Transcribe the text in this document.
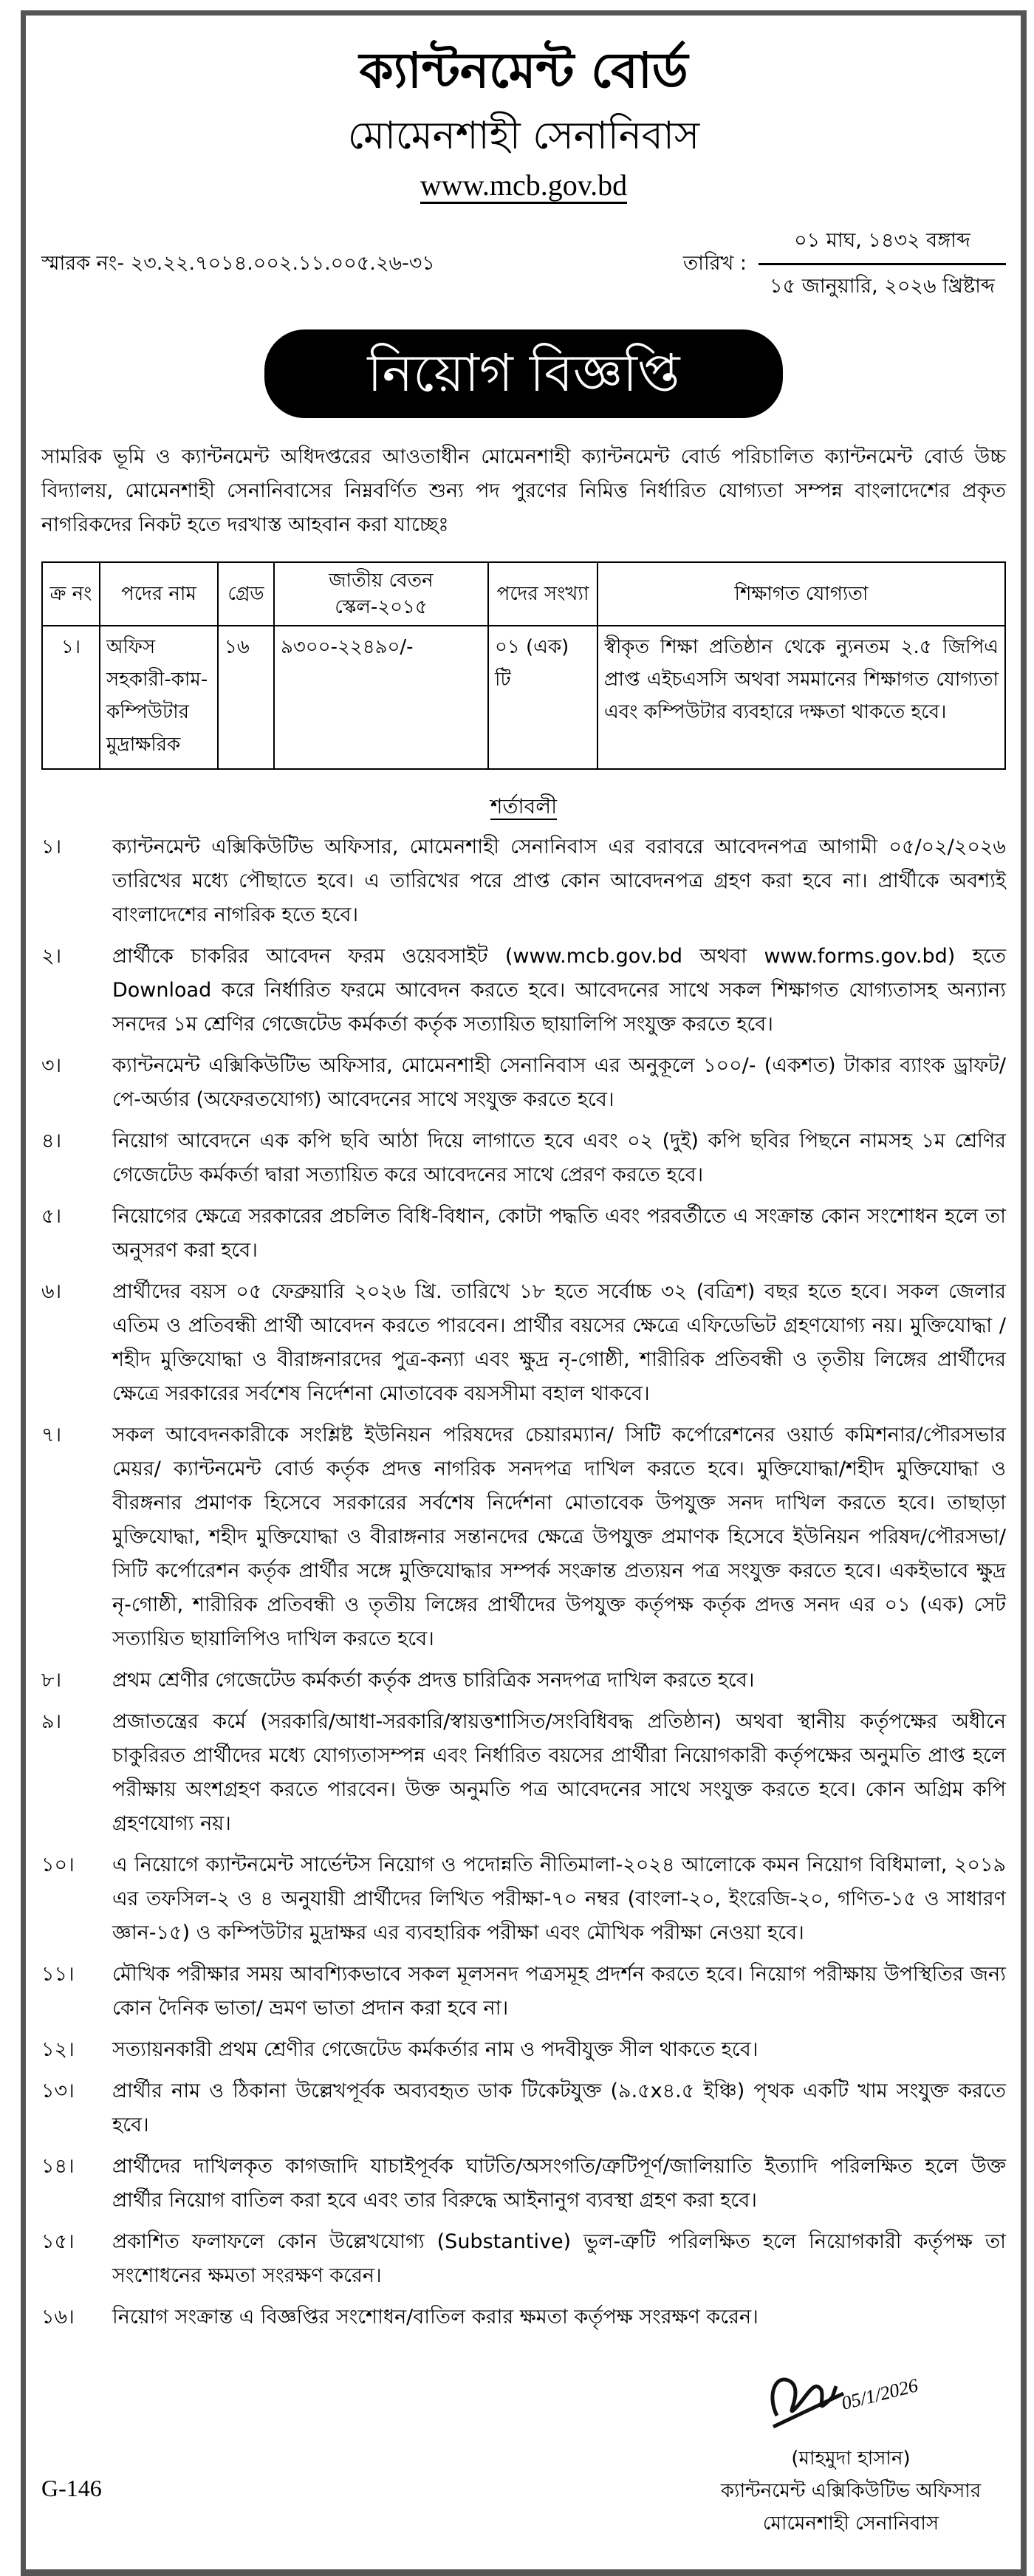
ক্যান্টনমেন্ট বোর্ড
মোমেনশাহী সেনানিবাস
www.mcb.gov.bd
স্মারক নং- ২৩.২২.৭০১৪.০০২.১১.০০৫.২৬-৩১	তারিখ :
০১ মাঘ, ১৪৩২ বঙ্গাব্দ
১৫ জানুয়ারি, ২০২৬ খ্রিষ্টাব্দ
নিয়োগ বিজ্ঞপ্তি
সামরিক ভূমি ও ক্যান্টনমেন্ট অধিদপ্তরের আওতাধীন মোমেনশাহী ক্যান্টনমেন্ট বোর্ড পরিচালিত ক্যান্টনমেন্ট বোর্ড উচ্চ বিদ্যালয়, মোমেনশাহী সেনানিবাসের নিম্নবর্ণিত শুন্য পদ পুরণের নিমিত্ত নির্ধারিত যোগ্যতা সম্পন্ন বাংলাদেশের প্রকৃত নাগরিকদের নিকট হতে দরখাস্ত আহবান করা যাচ্ছেঃ
ক্র নং	পদের নাম	গ্রেড	জাতীয় বেতন স্কেল-২০১৫	পদের সংখ্যা	শিক্ষাগত যোগ্যতা
১।	অফিস সহকারী-কাম-কম্পিউটার মুদ্রাক্ষরিক	১৬	৯৩০০-২২৪৯০/-	০১ (এক) টি	স্বীকৃত শিক্ষা প্রতিষ্ঠান থেকে ন্যুনতম ২.৫ জিপিএ প্রাপ্ত এইচএসসি অথবা সমমানের শিক্ষাগত যোগ্যতা এবং কম্পিউটার ব্যবহারে দক্ষতা থাকতে হবে।
শর্তাবলী
১।	ক্যান্টনমেন্ট এক্সিকিউটিভ অফিসার, মোমেনশাহী সেনানিবাস এর বরাবরে আবেদনপত্র আগামী ০৫/০২/২০২৬ তারিখের মধ্যে পৌছাতে হবে। এ তারিখের পরে প্রাপ্ত কোন আবেদনপত্র গ্রহণ করা হবে না। প্রার্থীকে অবশ্যই বাংলাদেশের নাগরিক হতে হবে।
২।	প্রার্থীকে চাকরির আবেদন ফরম ওয়েবসাইট (www.mcb.gov.bd অথবা www.forms.gov.bd) হতে Download করে নির্ধারিত ফরমে আবেদন করতে হবে। আবেদনের সাথে সকল শিক্ষাগত যোগ্যতাসহ অন্যান্য সনদের ১ম শ্রেণির গেজেটেড কর্মকর্তা কর্তৃক সত্যায়িত ছায়ালিপি সংযুক্ত করতে হবে।
৩।	ক্যান্টনমেন্ট এক্সিকিউটিভ অফিসার, মোমেনশাহী সেনানিবাস এর অনুকূলে ১০০/- (একশত) টাকার ব্যাংক ড্রাফট/পে-অর্ডার (অফেরতযোগ্য) আবেদনের সাথে সংযুক্ত করতে হবে।
৪।	নিয়োগ আবেদনে এক কপি ছবি আঠা দিয়ে লাগাতে হবে এবং ০২ (দুই) কপি ছবির পিছনে নামসহ ১ম শ্রেণির গেজেটেড কর্মকর্তা দ্বারা সত্যায়িত করে আবেদনের সাথে প্রেরণ করতে হবে।
৫।	নিয়োগের ক্ষেত্রে সরকারের প্রচলিত বিধি-বিধান, কোটা পদ্ধতি এবং পরবর্তীতে এ সংক্রান্ত কোন সংশোধন হলে তা অনুসরণ করা হবে।
৬।	প্রার্থীদের বয়স ০৫ ফেব্রুয়ারি ২০২৬ খ্রি. তারিখে ১৮ হতে সর্বোচ্চ ৩২ (বত্রিশ) বছর হতে হবে। সকল জেলার এতিম ও প্রতিবন্ধী প্রার্থী আবেদন করতে পারবেন। প্রার্থীর বয়সের ক্ষেত্রে এফিডেভিট গ্রহণযোগ্য নয়। মুক্তিযোদ্ধা / শহীদ মুক্তিযোদ্ধা ও বীরাঙ্গনারদের পুত্র-কন্যা এবং ক্ষুদ্র নৃ-গোষ্ঠী, শারীরিক প্রতিবন্ধী ও তৃতীয় লিঙ্গের প্রার্থীদের ক্ষেত্রে সরকারের সর্বশেষ নির্দেশনা মোতাবেক বয়সসীমা বহাল থাকবে।
৭।	সকল আবেদনকারীকে সংশ্লিষ্ট ইউনিয়ন পরিষদের চেয়ারম্যান/ সিটি কর্পোরেশনের ওয়ার্ড কমিশনার/পৌরসভার মেয়র/ ক্যান্টনমেন্ট বোর্ড কর্তৃক প্রদত্ত নাগরিক সনদপত্র দাখিল করতে হবে। মুক্তিযোদ্ধা/শহীদ মুক্তিযোদ্ধা ও বীরঙ্গনার প্রমাণক হিসেবে সরকারের সর্বশেষ নির্দেশনা মোতাবেক উপযুক্ত সনদ দাখিল করতে হবে। তাছাড়া মুক্তিযোদ্ধা, শহীদ মুক্তিযোদ্ধা ও বীরাঙ্গনার সন্তানদের ক্ষেত্রে উপযুক্ত প্রমাণক হিসেবে ইউনিয়ন পরিষদ/পৌরসভা/সিটি কর্পোরেশন কর্তৃক প্রার্থীর সঙ্গে মুক্তিযোদ্ধার সম্পর্ক সংক্রান্ত প্রত্যয়ন পত্র সংযুক্ত করতে হবে। একইভাবে ক্ষুদ্র নৃ-গোষ্ঠী, শারীরিক প্রতিবন্ধী ও তৃতীয় লিঙ্গের প্রার্থীদের উপযুক্ত কর্তৃপক্ষ কর্তৃক প্রদত্ত সনদ এর ০১ (এক) সেট সত্যায়িত ছায়ালিপিও দাখিল করতে হবে।
৮।	প্রথম শ্রেণীর গেজেটেড কর্মকর্তা কর্তৃক প্রদত্ত চারিত্রিক সনদপত্র দাখিল করতে হবে।
৯।	প্রজাতন্ত্রের কর্মে (সরকারি/আধা-সরকারি/স্বায়ত্তশাসিত/সংবিধিবদ্ধ প্রতিষ্ঠান) অথবা স্থানীয় কর্তৃপক্ষের অধীনে চাকুরিরত প্রার্থীদের মধ্যে যোগ্যতাসম্পন্ন এবং নির্ধারিত বয়সের প্রার্থীরা নিয়োগকারী কর্তৃপক্ষের অনুমতি প্রাপ্ত হলে পরীক্ষায় অংশগ্রহণ করতে পারবেন। উক্ত অনুমতি পত্র আবেদনের সাথে সংযুক্ত করতে হবে। কোন অগ্রিম কপি গ্রহণযোগ্য নয়।
১০।	এ নিয়োগে ক্যান্টনমেন্ট সার্ভেন্টস নিয়োগ ও পদোন্নতি নীতিমালা-২০২৪ আলোকে কমন নিয়োগ বিধিমালা, ২০১৯ এর তফসিল-২ ও ৪ অনুযায়ী প্রার্থীদের লিখিত পরীক্ষা-৭০ নম্বর (বাংলা-২০, ইংরেজি-২০, গণিত-১৫ ও সাধারণ জ্ঞান-১৫) ও কম্পিউটার মুদ্রাক্ষর এর ব্যবহারিক পরীক্ষা এবং মৌখিক পরীক্ষা নেওয়া হবে।
১১।	মৌখিক পরীক্ষার সময় আবশ্যিকভাবে সকল মূলসনদ পত্রসমূহ প্রদর্শন করতে হবে। নিয়োগ পরীক্ষায় উপস্থিতির জন্য কোন দৈনিক ভাতা/ ভ্রমণ ভাতা প্রদান করা হবে না।
১২।	সত্যায়নকারী প্রথম শ্রেণীর গেজেটেড কর্মকর্তার নাম ও পদবীযুক্ত সীল থাকতে হবে।
১৩।	প্রার্থীর নাম ও ঠিকানা উল্লেখপূর্বক অব্যবহৃত ডাক টিকেটযুক্ত (৯.৫x৪.৫ ইঞ্চি) পৃথক একটি খাম সংযুক্ত করতে হবে।
১৪।	প্রার্থীদের দাখিলকৃত কাগজাদি যাচাইপূর্বক ঘাটতি/অসংগতি/ত্রুটিপূর্ণ/জালিয়াতি ইত্যাদি পরিলক্ষিত হলে উক্ত প্রার্থীর নিয়োগ বাতিল করা হবে এবং তার বিরুদ্ধে আইনানুগ ব্যবস্থা গ্রহণ করা হবে।
১৫।	প্রকাশিত ফলাফলে কোন উল্লেখযোগ্য (Substantive) ভুল-ত্রুটি পরিলক্ষিত হলে নিয়োগকারী কর্তৃপক্ষ তা সংশোধনের ক্ষমতা সংরক্ষণ করেন।
১৬।	নিয়োগ সংক্রান্ত এ বিজ্ঞপ্তির সংশোধন/বাতিল করার ক্ষমতা কর্তৃপক্ষ সংরক্ষণ করেন।
G-146
05/1/2026
(মাহমুদা হাসান)
ক্যান্টনমেন্ট এক্সিকিউটিভ অফিসার
মোমেনশাহী সেনানিবাস
